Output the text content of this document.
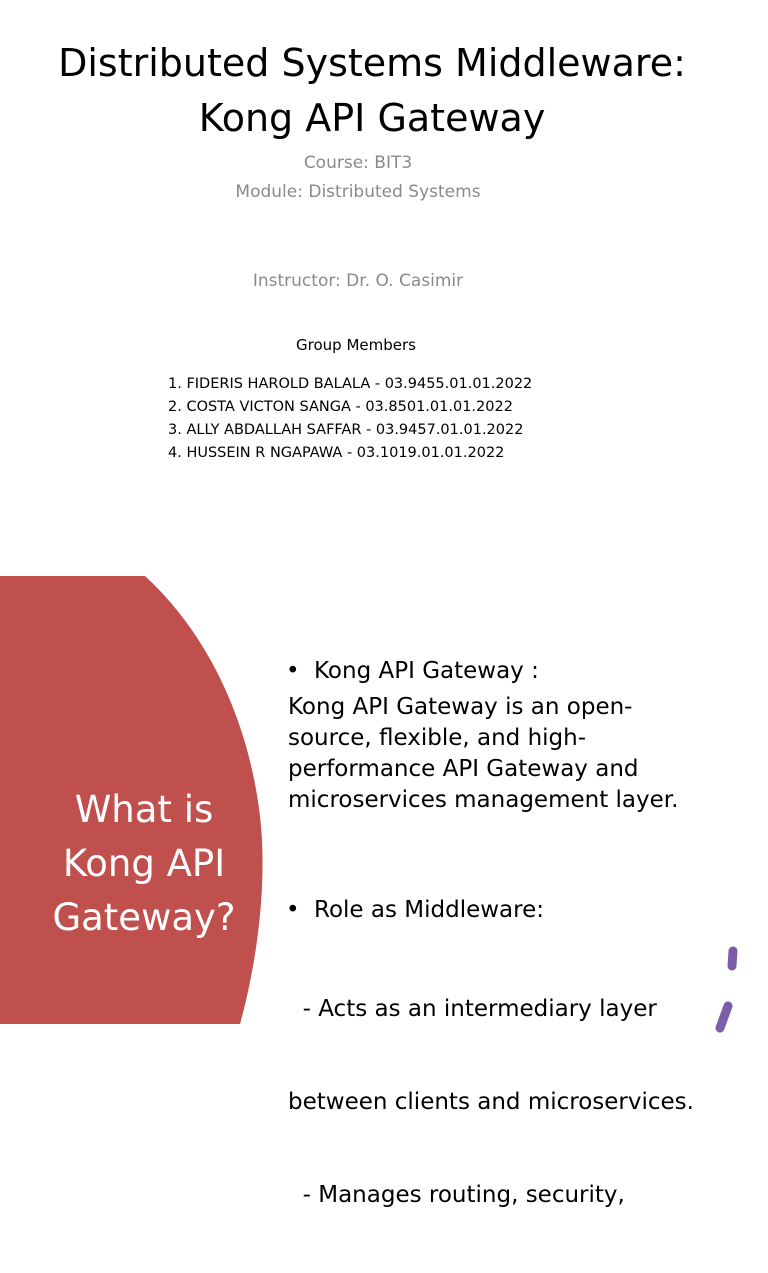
Distributed Systems Middleware:
Kong API Gateway
Course: BIT3
Module: Distributed Systems
Instructor: Dr. O. Casimir
Group Members
1. FIDERIS HAROLD BALALA - 03.9455.01.01.2022
2. COSTA VICTON SANGA - 03.8501.01.01.2022
3. ALLY ABDALLAH SAFFAR - 03.9457.01.01.2022
4. HUSSEIN R NGAPAWA - 03.1019.01.01.2022
What is
Kong API
Gateway?
• Kong API Gateway :
Kong API Gateway is an open-
source, flexible, and high-
performance API Gateway and
microservices management layer.
• Role as Middleware:

- Acts as an intermediary layer

between clients and microservices.

- Manages routing, security,
